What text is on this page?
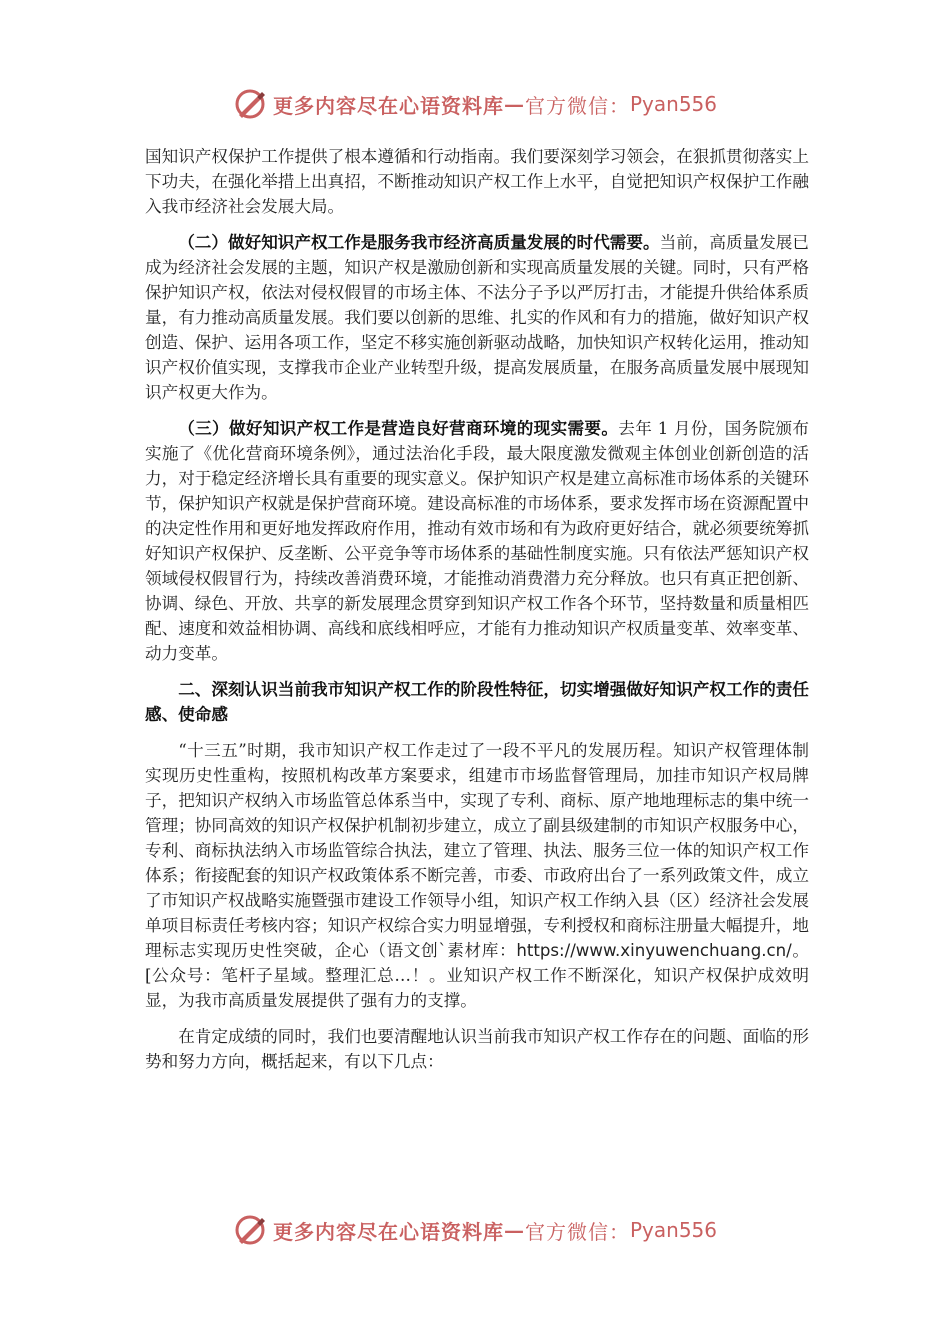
更多内容尽在心语资料库 — 官方微信： Pyan556

国知识产权保护工作提供了根本遵循和行动指南。我们要深刻学习领会，在狠抓贯彻落实上下功夫，在强化举措上出真招，不断推动知识产权工作上水平，自觉把知识产权保护工作融入我市经济社会发展大局。

（二）做好知识产权工作是服务我市经济高质量发展的时代需要。当前，高质量发展已成为经济社会发展的主题，知识产权是激励创新和实现高质量发展的关键。同时，只有严格保护知识产权，依法对侵权假冒的市场主体、不法分子予以严厉打击，才能提升供给体系质量，有力推动高质量发展。我们要以创新的思维、扎实的作风和有力的措施，做好知识产权创造、保护、运用各项工作，坚定不移实施创新驱动战略，加快知识产权转化运用，推动知识产权价值实现，支撑我市企业产业转型升级，提高发展质量，在服务高质量发展中展现知识产权更大作为。

（三）做好知识产权工作是营造良好营商环境的现实需要。去年 1 月份，国务院颁布实施了《优化营商环境条例》，通过法治化手段，最大限度激发微观主体创业创新创造的活力，对于稳定经济增长具有重要的现实意义。保护知识产权是建立高标准市场体系的关键环节，保护知识产权就是保护营商环境。建设高标准的市场体系，要求发挥市场在资源配置中的决定性作用和更好地发挥政府作用，推动有效市场和有为政府更好结合，就必须要统筹抓好知识产权保护、反垄断、公平竞争等市场体系的基础性制度实施。只有依法严惩知识产权领域侵权假冒行为，持续改善消费环境，才能推动消费潜力充分释放。也只有真正把创新、协调、绿色、开放、共享的新发展理念贯穿到知识产权工作各个环节，坚持数量和质量相匹配、速度和效益相协调、高线和底线相呼应，才能有力推动知识产权质量变革、效率变革、动力变革。

二、深刻认识当前我市知识产权工作的阶段性特征，切实增强做好知识产权工作的责任感、使命感

“十三五”时期，我市知识产权工作走过了一段不平凡的发展历程。知识产权管理体制实现历史性重构，按照机构改革方案要求，组建市市场监督管理局，加挂市知识产权局牌子，把知识产权纳入市场监管总体系当中，实现了专利、商标、原产地地理标志的集中统一管理；协同高效的知识产权保护机制初步建立，成立了副县级建制的市知识产权服务中心，专利、商标执法纳入市场监管综合执法，建立了管理、执法、服务三位一体的知识产权工作体系；衔接配套的知识产权政策体系不断完善，市委、市政府出台了一系列政策文件，成立了市知识产权战略实施暨强市建设工作领导小组，知识产权工作纳入县（区）经济社会发展单项目标责任考核内容；知识产权综合实力明显增强，专利授权和商标注册量大幅提升，地理标志实现历史性突破，企心（语文创`素材库：https://www.xinyuwenchuang.cn/。[公众号：笔杆子星域。整理汇总…！。业知识产权工作不断深化，知识产权保护成效明显，为我市高质量发展提供了强有力的支撑。

在肯定成绩的同时，我们也要清醒地认识当前我市知识产权工作存在的问题、面临的形势和努力方向，概括起来，有以下几点：

更多内容尽在心语资料库 — 官方微信： Pyan556
